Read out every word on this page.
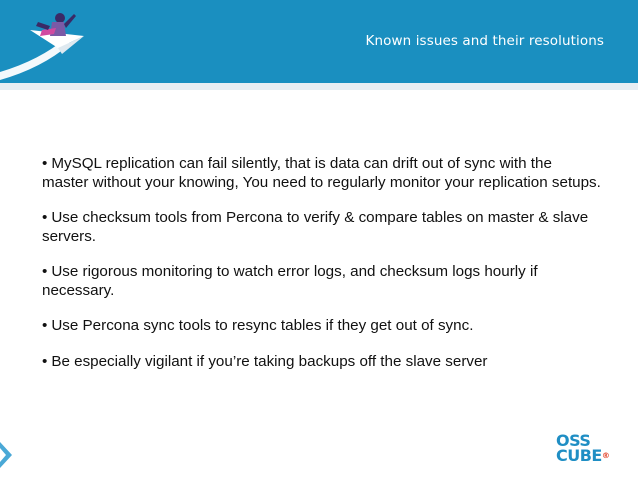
Known issues and their resolutions
• MySQL replication can fail silently, that is data can drift out of sync with the master without your knowing, You need to regularly monitor your replication setups.
• Use checksum tools from Percona to verify & compare tables on master & slave servers.
• Use rigorous monitoring to watch error logs, and checksum logs hourly if necessary.
• Use Percona sync tools to resync tables if they get out of sync.
• Be especially vigilant if you’re taking backups off the slave server
OSS
CUBE®
